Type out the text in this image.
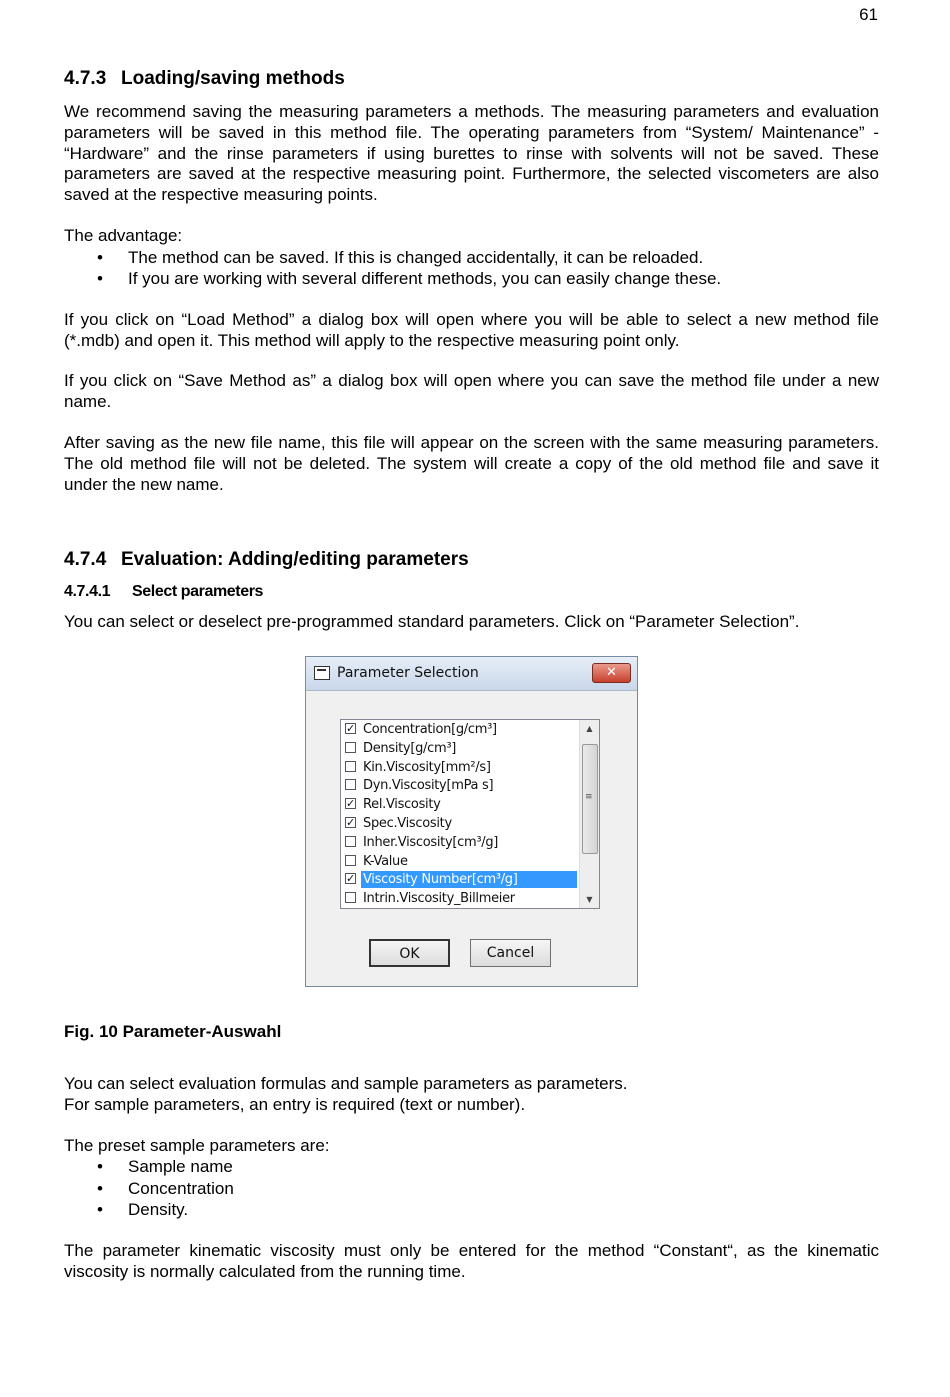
61
4.7.3 Loading/saving methods

We recommend saving the measuring parameters a methods. The measuring parameters and evaluation parameters will be saved in this method file. The operating parameters from “System/ Maintenance” - “Hardware” and the rinse parameters if using burettes to rinse with solvents will not be saved. These parameters are saved at the respective measuring point. Furthermore, the selected viscometers are also saved at the respective measuring points.

The advantage:

• The method can be saved. If this is changed accidentally, it can be reloaded.
• If you are working with several different methods, you can easily change these.

If you click on “Load Method” a dialog box will open where you will be able to select a new method file (*.mdb) and open it. This method will apply to the respective measuring point only.

If you click on “Save Method as” a dialog box will open where you can save the method file under a new name.

After saving as the new file name, this file will appear on the screen with the same measuring parameters. The old method file will not be deleted. The system will create a copy of the old method file and save it under the new name.

4.7.4 Evaluation: Adding/editing parameters
4.7.4.1 Select parameters

You can select or deselect pre-programmed standard parameters. Click on “Parameter Selection”.

Parameter Selection	✕
✓ Concentration[g/cm³]
Density[g/cm³]
Kin.Viscosity[mm²/s]
Dyn.Viscosity[mPa s]
✓ Rel.Viscosity
✓ Spec.Viscosity
Inher.Viscosity[cm³/g]
K-Value
✓ Viscosity Number[cm³/g]
Intrin.Viscosity_Billmeier
▲
≡
▼
OK	Cancel
Fig. 10 Parameter-Auswahl

You can select evaluation formulas and sample parameters as parameters.

For sample parameters, an entry is required (text or number).

The preset sample parameters are:

• Sample name
• Concentration
• Density.

The parameter kinematic viscosity must only be entered for the method “Constant“, as the kinematic viscosity is normally calculated from the running time.
